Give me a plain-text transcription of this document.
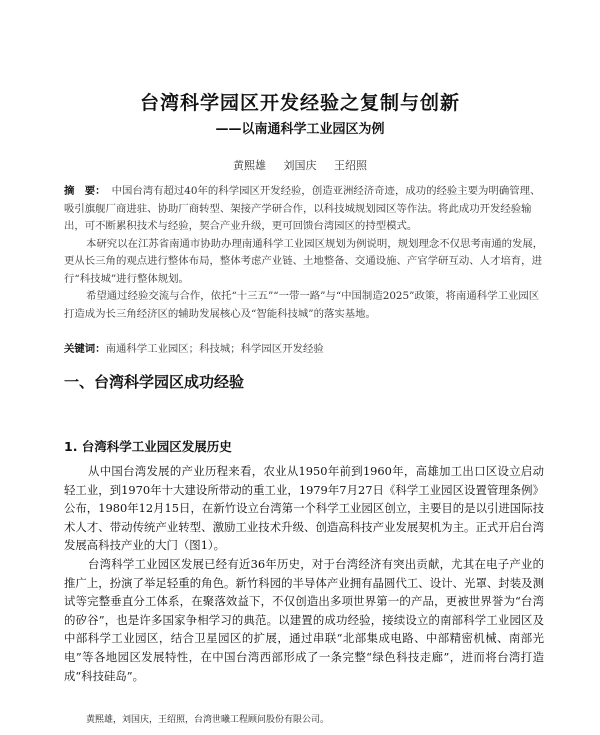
台湾科学园区开发经验之复制与创新
——以南通科学工业园区为例
黄熙雄 刘国庆 王绍照

摘　要： 中国台湾有超过40年的科学园区开发经验，创造亚洲经济奇迹，成功的经验主要为明确管理、吸引旗舰厂商进驻、协助厂商转型、架接产学研合作，以科技城规划园区等作法。将此成功开发经验输出，可不断累积技术与经验，契合产业升级，更可回馈台湾园区的持型模式。

本研究以在江苏省南通市协助办理南通科学工业园区规划为例说明，规划理念不仅思考南通的发展，更从长三角的观点进行整体布局，整体考虑产业链、土地整备、交通设施、产官学研互动、人才培育，进行“科技城”进行整体规划。

希望通过经验交流与合作，依托“十三五”“一带一路”与“中国制造2025”政策，将南通科学工业园区打造成为长三角经济区的辅助发展核心及“智能科技城”的落实基地。

关键词：南通科学工业园区；科技城；科学园区开发经验
一、台湾科学园区成功经验
1. 台湾科学工业园区发展历史

从中国台湾发展的产业历程来看，农业从1950年前到1960年，高雄加工出口区设立启动轻工业，到1970年十大建设所带动的重工业，1979年7月27日《科学工业园区设置管理条例》公布，1980年12月15日，在新竹设立台湾第一个科学工业园区创立，主要目的是以引进国际技术人才、带动传统产业转型、激励工业技术升级、创造高科技产业发展契机为主。正式开启台湾发展高科技产业的大门（图1）。

台湾科学工业园区发展已经有近36年历史，对于台湾经济有突出贡献，尤其在电子产业的推广上，扮演了举足轻重的角色。新竹科园的半导体产业拥有晶圆代工、设计、光罩、封装及测试等完整垂直分工体系，在聚落效益下，不仅创造出多项世界第一的产品，更被世界誉为“台湾的矽谷”，也是许多国家争相学习的典范。以建置的成功经验，接续设立的南部科学工业园区及中部科学工业园区，结合卫星园区的扩展，通过串联“北部集成电路、中部精密机械、南部光电”等各地园区发展特性，在中国台湾西部形成了一条完整“绿色科技走廊”，进而将台湾打造成“科技硅岛”。

黄熙雄，刘国庆，王绍照，台湾世曦工程顾问股份有限公司。
